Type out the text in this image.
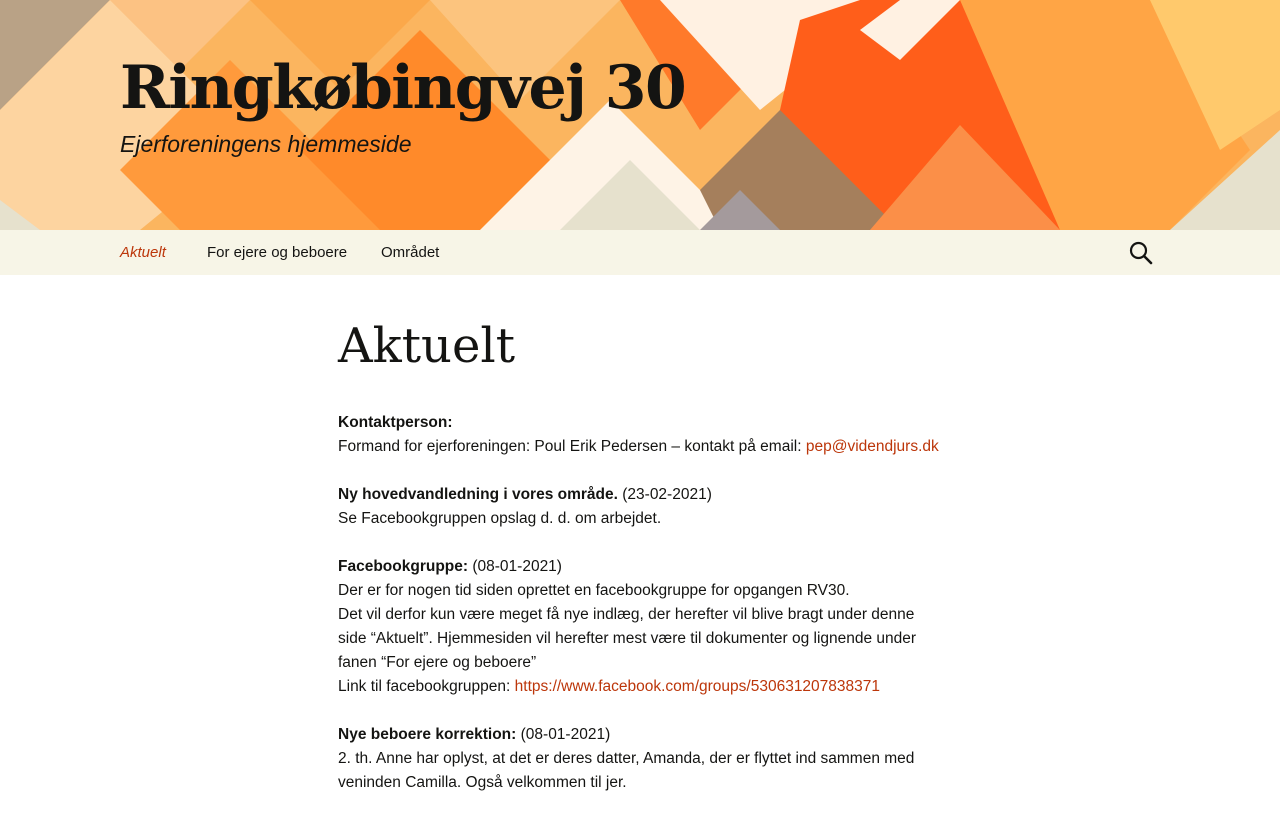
Ringkøbingvej 30
Ejerforeningens hjemmeside
Aktuelt	For ejere og beboere Området
Aktuelt

Kontaktperson:
Formand for ejerforeningen: Poul Erik Pedersen – kontakt på email: pep@videndjurs.dk

Ny hovedvandledning i vores område. (23-02-2021)
Se Facebookgruppen opslag d. d. om arbejdet.

Facebookgruppe: (08-01-2021)
Der er for nogen tid siden oprettet en facebookgruppe for opgangen RV30.
Det vil derfor kun være meget få nye indlæg, der herefter vil blive bragt under denne side “Aktuelt”. Hjemmesiden vil herefter mest være til dokumenter og lignende under fanen “For ejere og beboere”
Link til facebookgruppen: https://www.facebook.com/groups/530631207838371

Nye beboere korrektion: (08-01-2021)
2. th. Anne har oplyst, at det er deres datter, Amanda, der er flyttet ind sammen med veninden Camilla. Også velkommen til jer.
